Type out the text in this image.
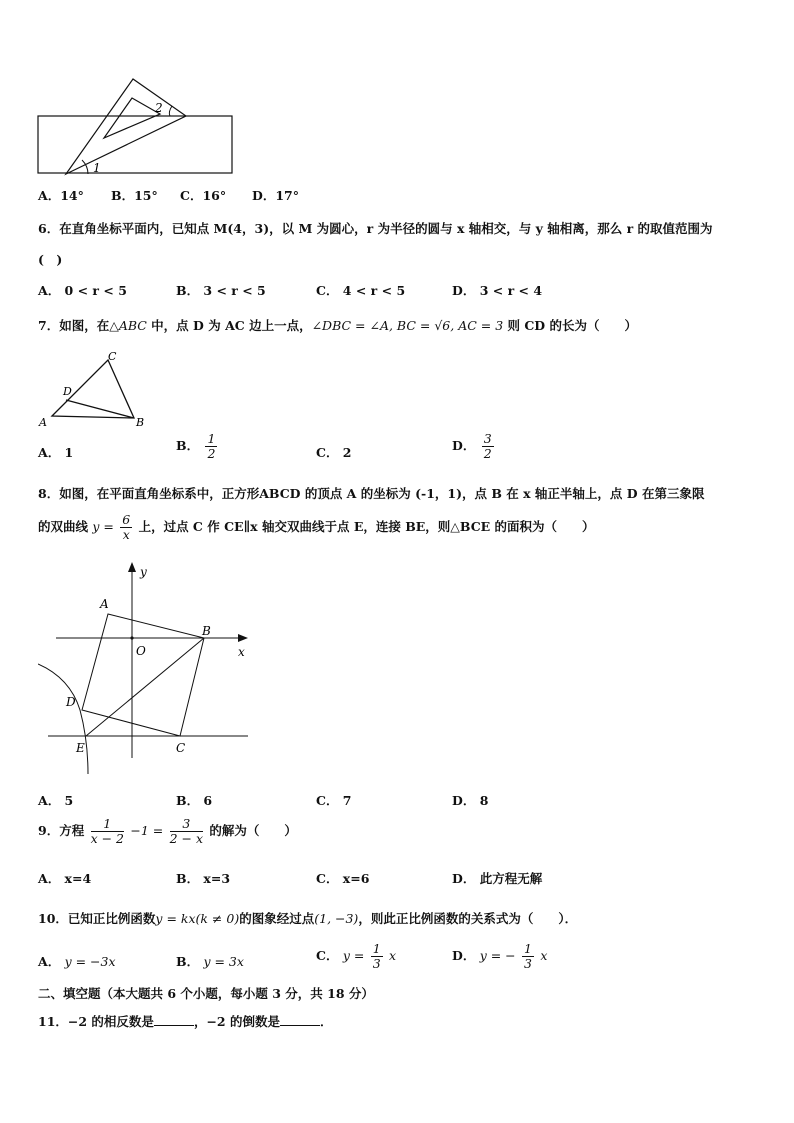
1
2
A．14° B．15° C．16° D．17°
6．在直角坐标平面内，已知点 M(4，3)，以 M 为圆心，r 为半径的圆与 x 轴相交，与 y 轴相离，那么 r 的取值范围为
(　)
A． 0 < r < 5	B． 3 < r < 5	C． 4 < r < 5	D． 3 < r < 4
7．如图，在△ABC 中，点 D 为 AC 边上一点，∠DBC = ∠A, BC = √6, AC = 3 则 CD 的长为（　　）
C
D
A	B
A． 1	B． $\frac{1}{2}$	C． 2	D． $\frac{3}{2}$
8．如图，在平面直角坐标系中，正方形ABCD 的顶点 A 的坐标为 (-1，1)，点 B 在 x 轴正半轴上，点 D 在第三象限
的双曲线 $y = \frac{6}{x}$ 上，过点 C 作 CE∥x 轴交双曲线于点 E，连接 BE，则△BCE 的面积为（　　）
y
x
O
A
B
C
D
E
A． 5	B． 6	C． 7	D． 8
9．方程 $\frac{1}{x - 2} -1 = \frac{3}{2 - x}$ 的解为（　　）
A． x=4	B． x=3	C． x=6	D． 此方程无解
10．已知正比例函数y = kx(k ≠ 0)的图象经过点(1, −3)，则此正比例函数的关系式为（　　）．
A． y = −3x	B． y = 3x	C． $y = \frac{1}{3}$ x	D． y = − $\frac{1}{3}$ x
二、填空题（本大题共 6 个小题，每小题 3 分，共 18 分）
11．−2 的相反数是	，−2 的倒数是	．
